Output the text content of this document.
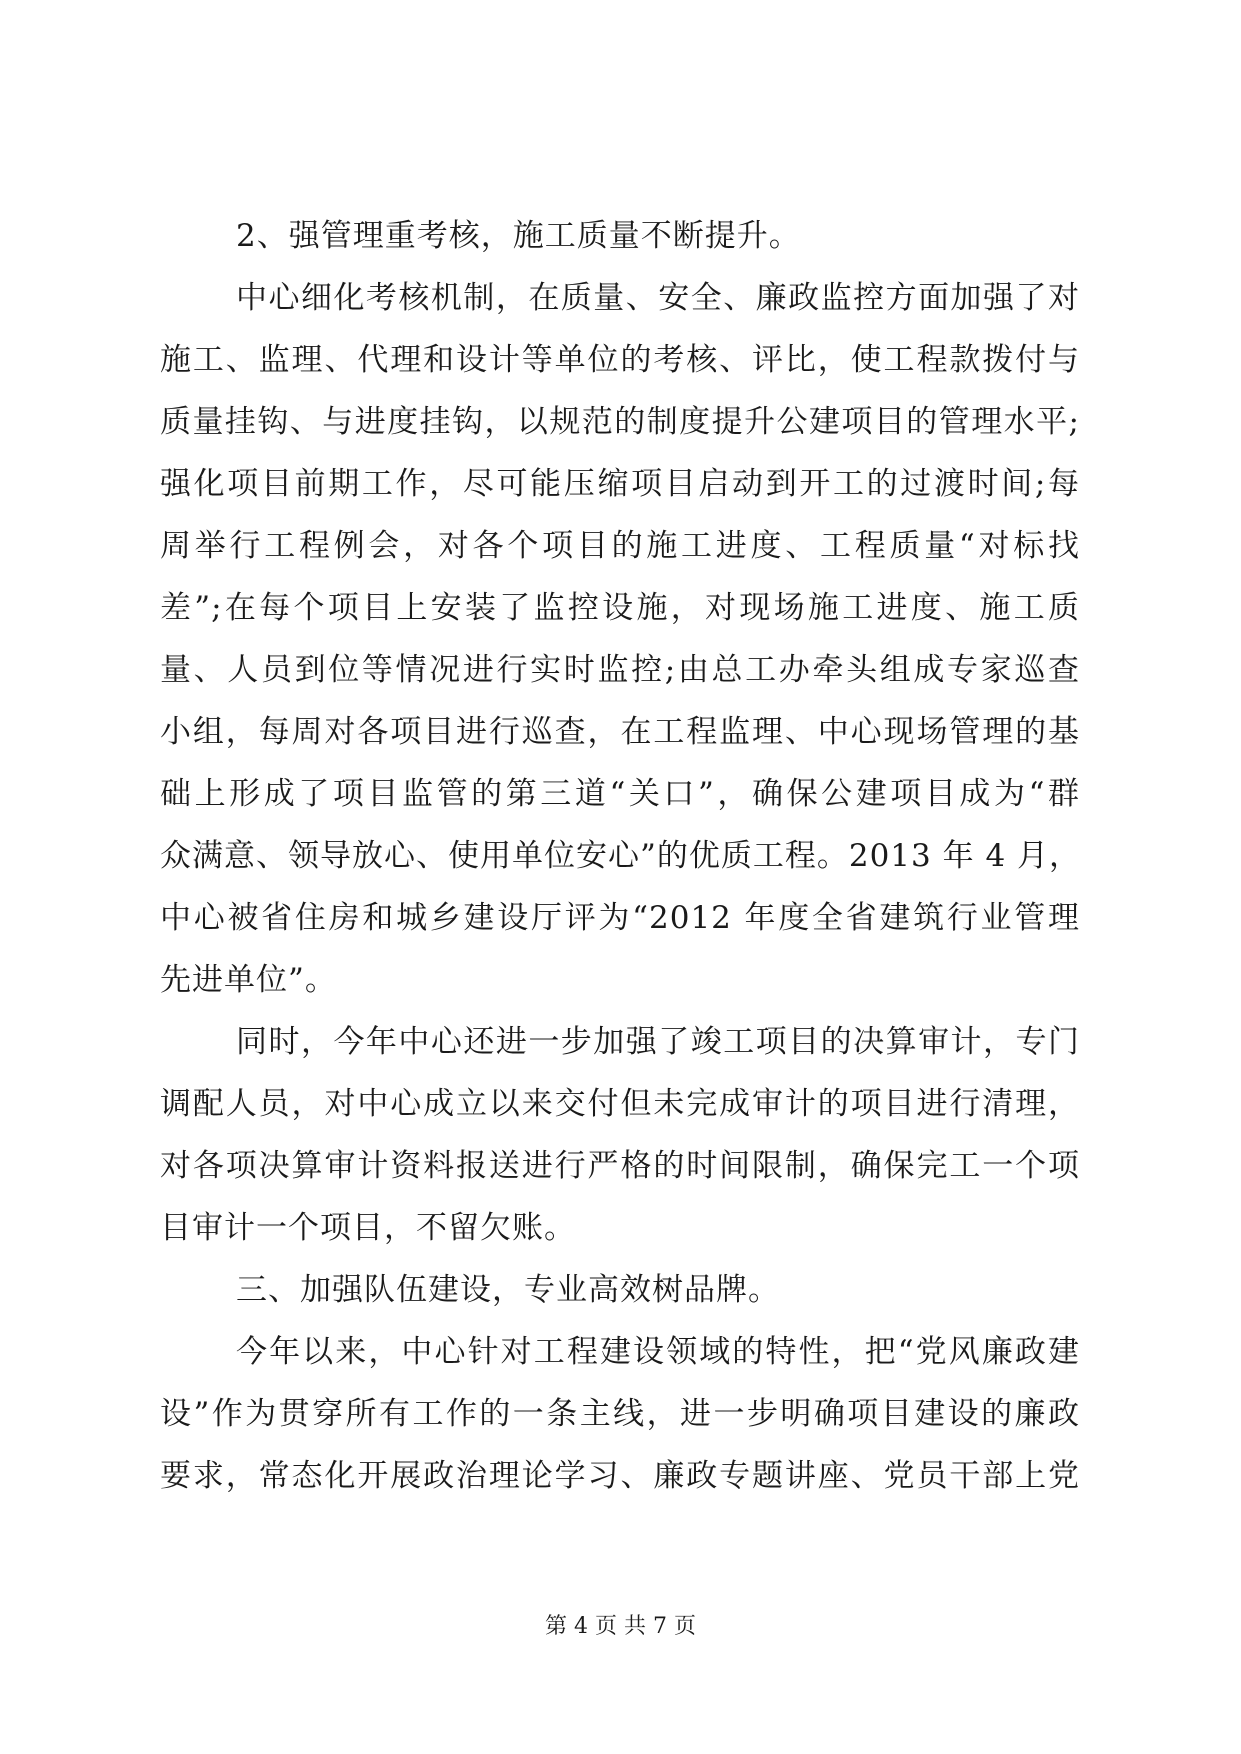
2、强管理重考核，施工质量不断提升。
中心细化考核机制，在质量、安全、廉政监控方面加强了对
施工、监理、代理和设计等单位的考核、评比，使工程款拨付与
质量挂钩、与进度挂钩，以规范的制度提升公建项目的管理水平;
强化项目前期工作，尽可能压缩项目启动到开工的过渡时间;每
周举行工程例会，对各个项目的施工进度、工程质量“对标找
差”;在每个项目上安装了监控设施，对现场施工进度、施工质
量、人员到位等情况进行实时监控;由总工办牵头组成专家巡查
小组，每周对各项目进行巡查，在工程监理、中心现场管理的基
础上形成了项目监管的第三道“关口”，确保公建项目成为“群
众满意、领导放心、使用单位安心”的优质工程。2013 年 4 月，
中心被省住房和城乡建设厅评为“2012 年度全省建筑行业管理
先进单位”。
同时，今年中心还进一步加强了竣工项目的决算审计，专门
调配人员，对中心成立以来交付但未完成审计的项目进行清理，
对各项决算审计资料报送进行严格的时间限制，确保完工一个项
目审计一个项目，不留欠账。
三、加强队伍建设，专业高效树品牌。
今年以来，中心针对工程建设领域的特性，把“党风廉政建
设”作为贯穿所有工作的一条主线，进一步明确项目建设的廉政
要求，常态化开展政治理论学习、廉政专题讲座、党员干部上党
第 4 页 共 7 页
